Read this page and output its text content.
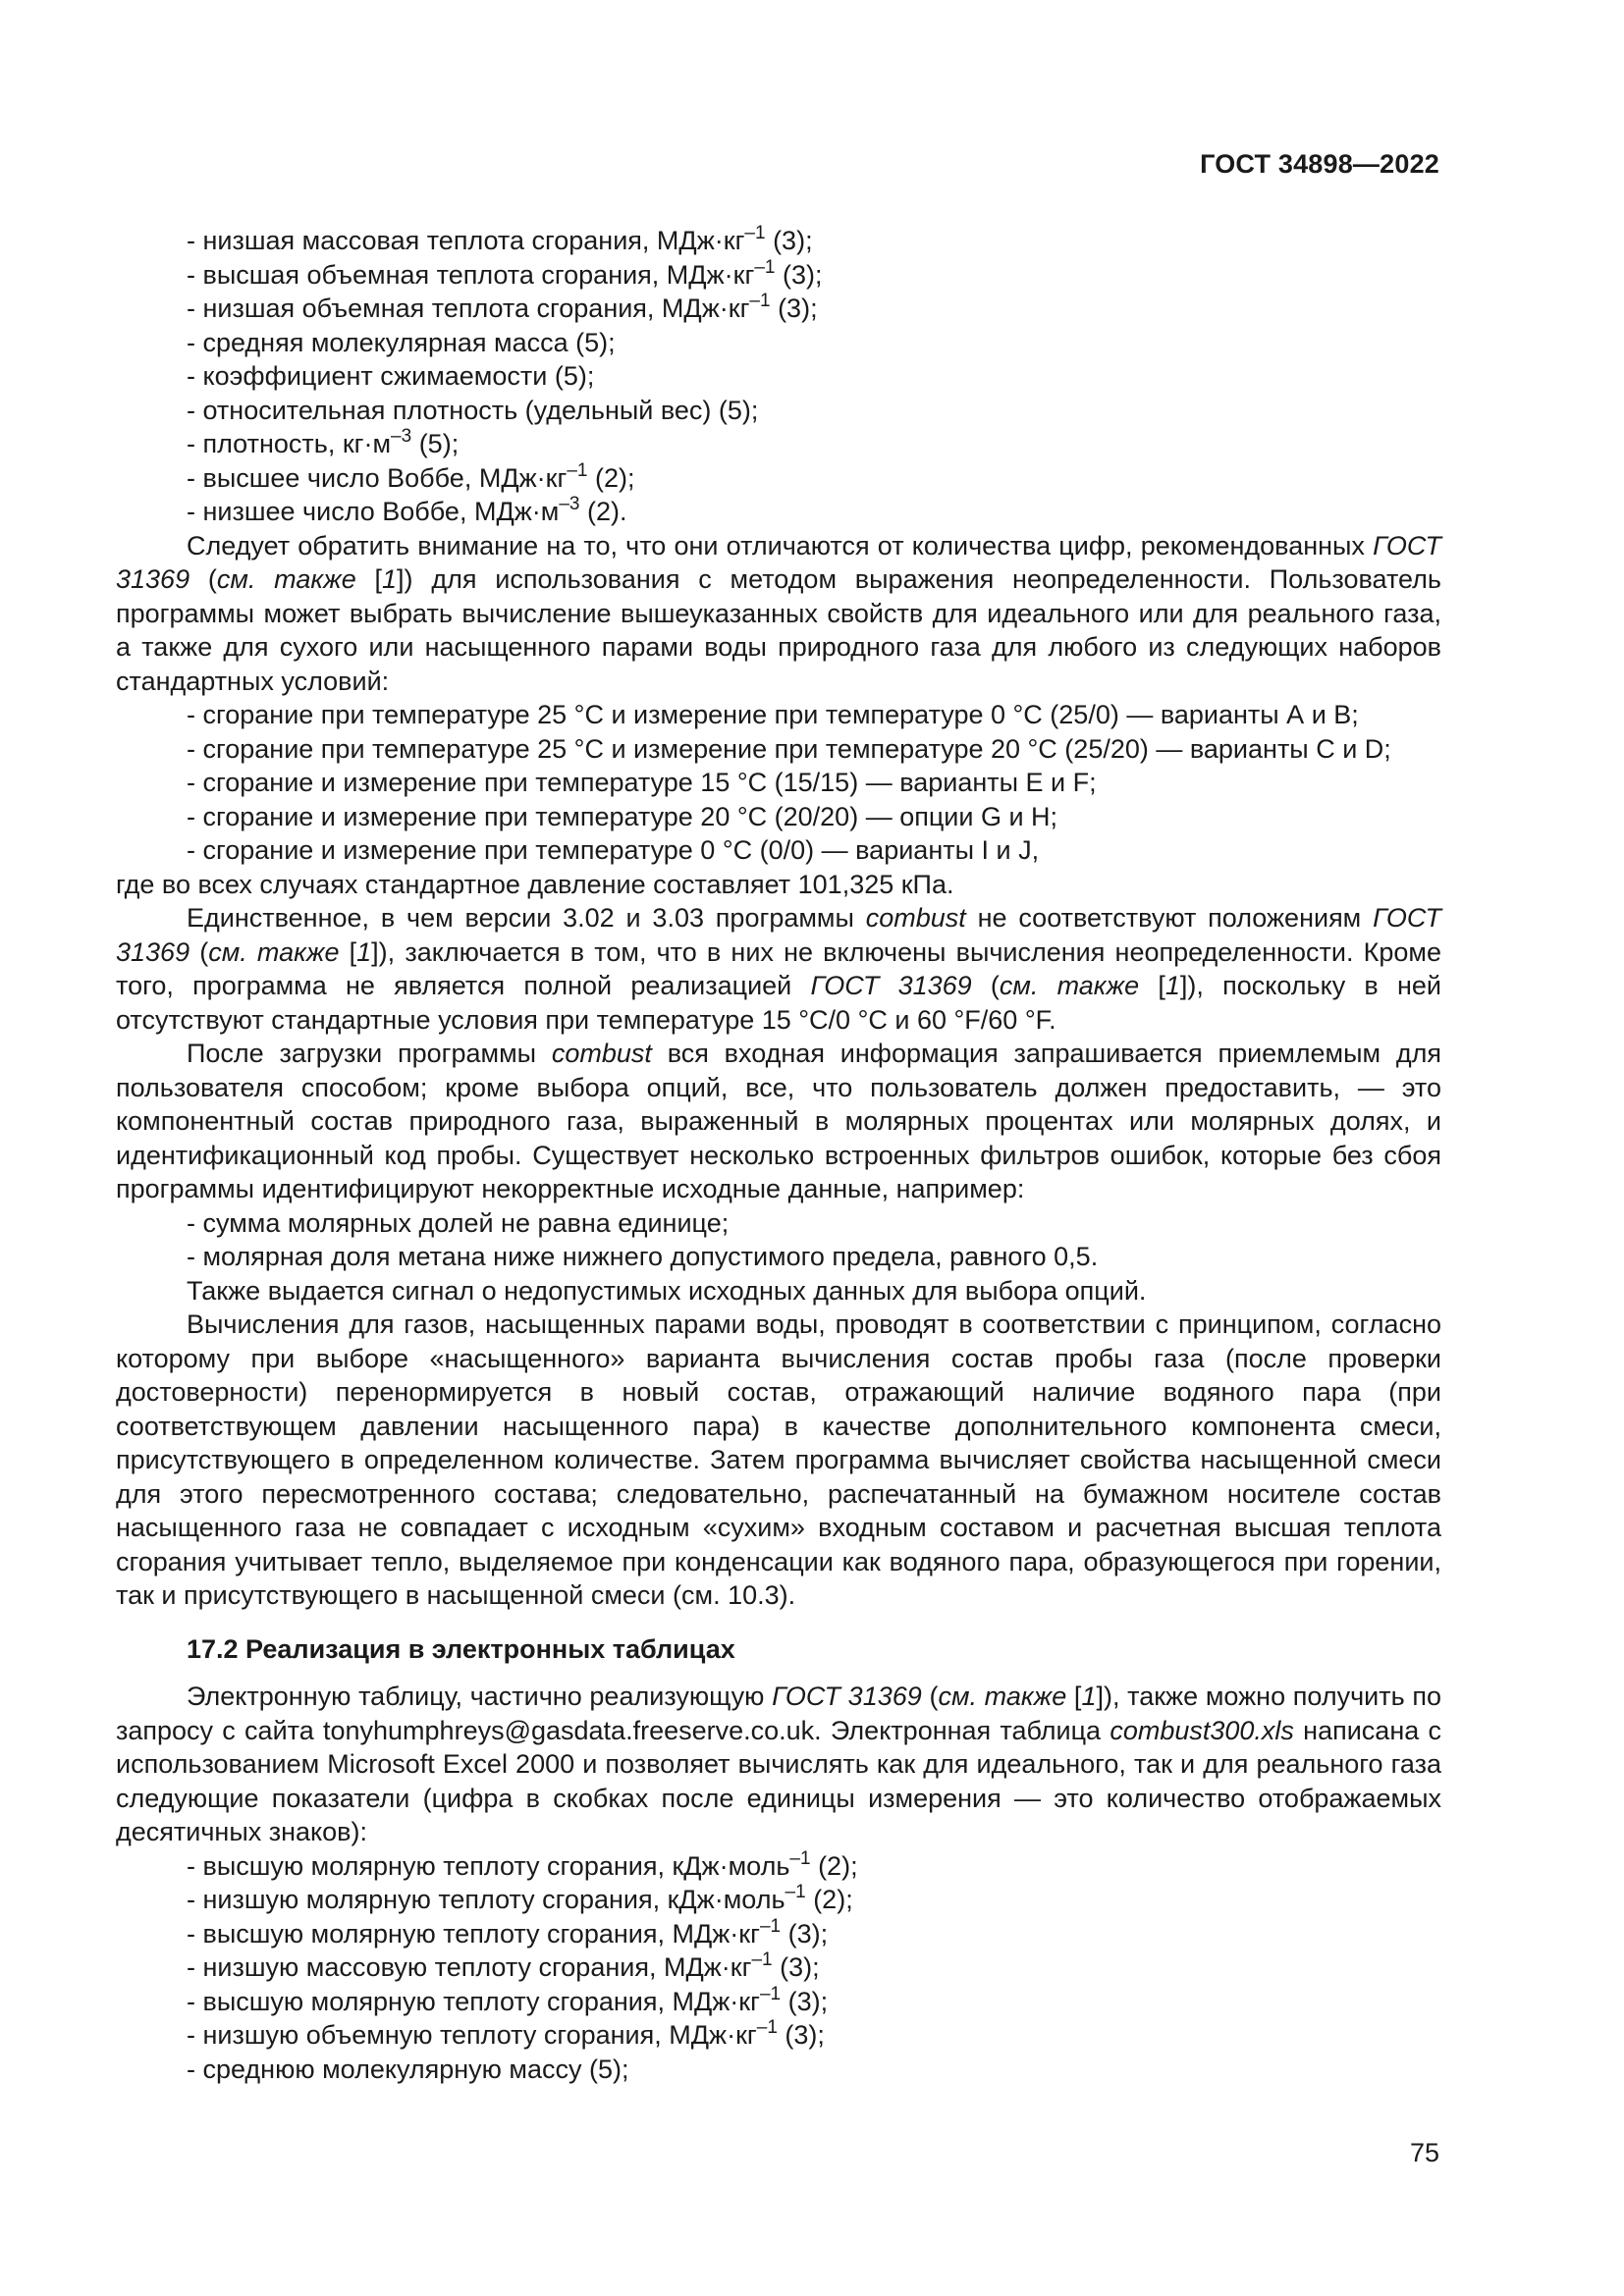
ГОСТ 34898—2022
- низшая массовая теплота сгорания, $МДж\cdot кг^{-1}$ (3);
- высшая объемная теплота сгорания, $МДж\cdot кг^{-1}$ (3);
- низшая объемная теплота сгорания, $МДж\cdot кг^{-1}$ (3);
- средняя молекулярная масса (5);
- коэффициент сжимаемости (5);
- относительная плотность (удельный вес) (5);
- плотность, $кг\cdot м^{-3}$ (5);
- высшее число Воббе, $МДж\cdot кг^{-1}$ (2);
- низшее число Воббе, $МДж\cdot м^{-3}$ (2).
Следует обратить внимание на то, что они отличаются от количества цифр, рекомендованных ГОСТ 31369 (см. также [1]) для использования с методом выражения неопределенности. Пользователь программы может выбрать вычисление вышеуказанных свойств для идеального или для реального газа, а также для сухого или насыщенного парами воды природного газа для любого из следующих наборов стандартных условий:
- сгорание при температуре 25 °С и измерение при температуре 0 °С (25/0) — варианты А и В;
- сгорание при температуре 25 °С и измерение при температуре 20 °С (25/20) — варианты С и D;
- сгорание и измерение при температуре 15 °С (15/15) — варианты Е и F;
- сгорание и измерение при температуре 20 °С (20/20) — опции G и H;
- сгорание и измерение при температуре 0 °С (0/0) — варианты I и J,
где во всех случаях стандартное давление составляет 101,325 кПа.
Единственное, в чем версии 3.02 и 3.03 программы combust не соответствуют положениям ГОСТ 31369 (см. также [1]), заключается в том, что в них не включены вычисления неопределенности. Кроме того, программа не является полной реализацией ГОСТ 31369 (см. также [1]), поскольку в ней отсутствуют стандартные условия при температуре 15 °С/0 °С и 60 °F/60 °F.
После загрузки программы combust вся входная информация запрашивается приемлемым для пользователя способом; кроме выбора опций, все, что пользователь должен предоставить, — это компонентный состав природного газа, выраженный в молярных процентах или молярных долях, и идентификационный код пробы. Существует несколько встроенных фильтров ошибок, которые без сбоя программы идентифицируют некорректные исходные данные, например:
- сумма молярных долей не равна единице;
- молярная доля метана ниже нижнего допустимого предела, равного 0,5.
Также выдается сигнал о недопустимых исходных данных для выбора опций.
Вычисления для газов, насыщенных парами воды, проводят в соответствии с принципом, согласно которому при выборе «насыщенного» варианта вычисления состав пробы газа (после проверки достоверности) перенормируется в новый состав, отражающий наличие водяного пара (при соответствующем давлении насыщенного пара) в качестве дополнительного компонента смеси, присутствующего в определенном количестве. Затем программа вычисляет свойства насыщенной смеси для этого пересмотренного состава; следовательно, распечатанный на бумажном носителе состав насыщенного газа не совпадает с исходным «сухим» входным составом и расчетная высшая теплота сгорания учитывает тепло, выделяемое при конденсации как водяного пара, образующегося при горении, так и присутствующего в насыщенной смеси (см. 10.3).
17.2 Реализация в электронных таблицах
Электронную таблицу, частично реализующую ГОСТ 31369 (см. также [1]), также можно получить по запросу с сайта tonyhumphreys@gasdata.freeserve.co.uk. Электронная таблица combust300.xls написана с использованием Microsoft Excel 2000 и позволяет вычислять как для идеального, так и для реального газа следующие показатели (цифра в скобках после единицы измерения — это количество отображаемых десятичных знаков):
- высшую молярную теплоту сгорания, кДж·моль$^{-1}$ (2);
- низшую молярную теплоту сгорания, кДж·моль$^{-1}$ (2);
- высшую молярную теплоту сгорания, $МДж\cdot кг^{-1}$ (3);
- низшую массовую теплоту сгорания, $МДж\cdot кг^{-1}$ (3);
- высшую молярную теплоту сгорания, $МДж\cdot кг^{-1}$ (3);
- низшую объемную теплоту сгорания, $МДж\cdot кг^{-1}$ (3);
- среднюю молекулярную массу (5);
75
